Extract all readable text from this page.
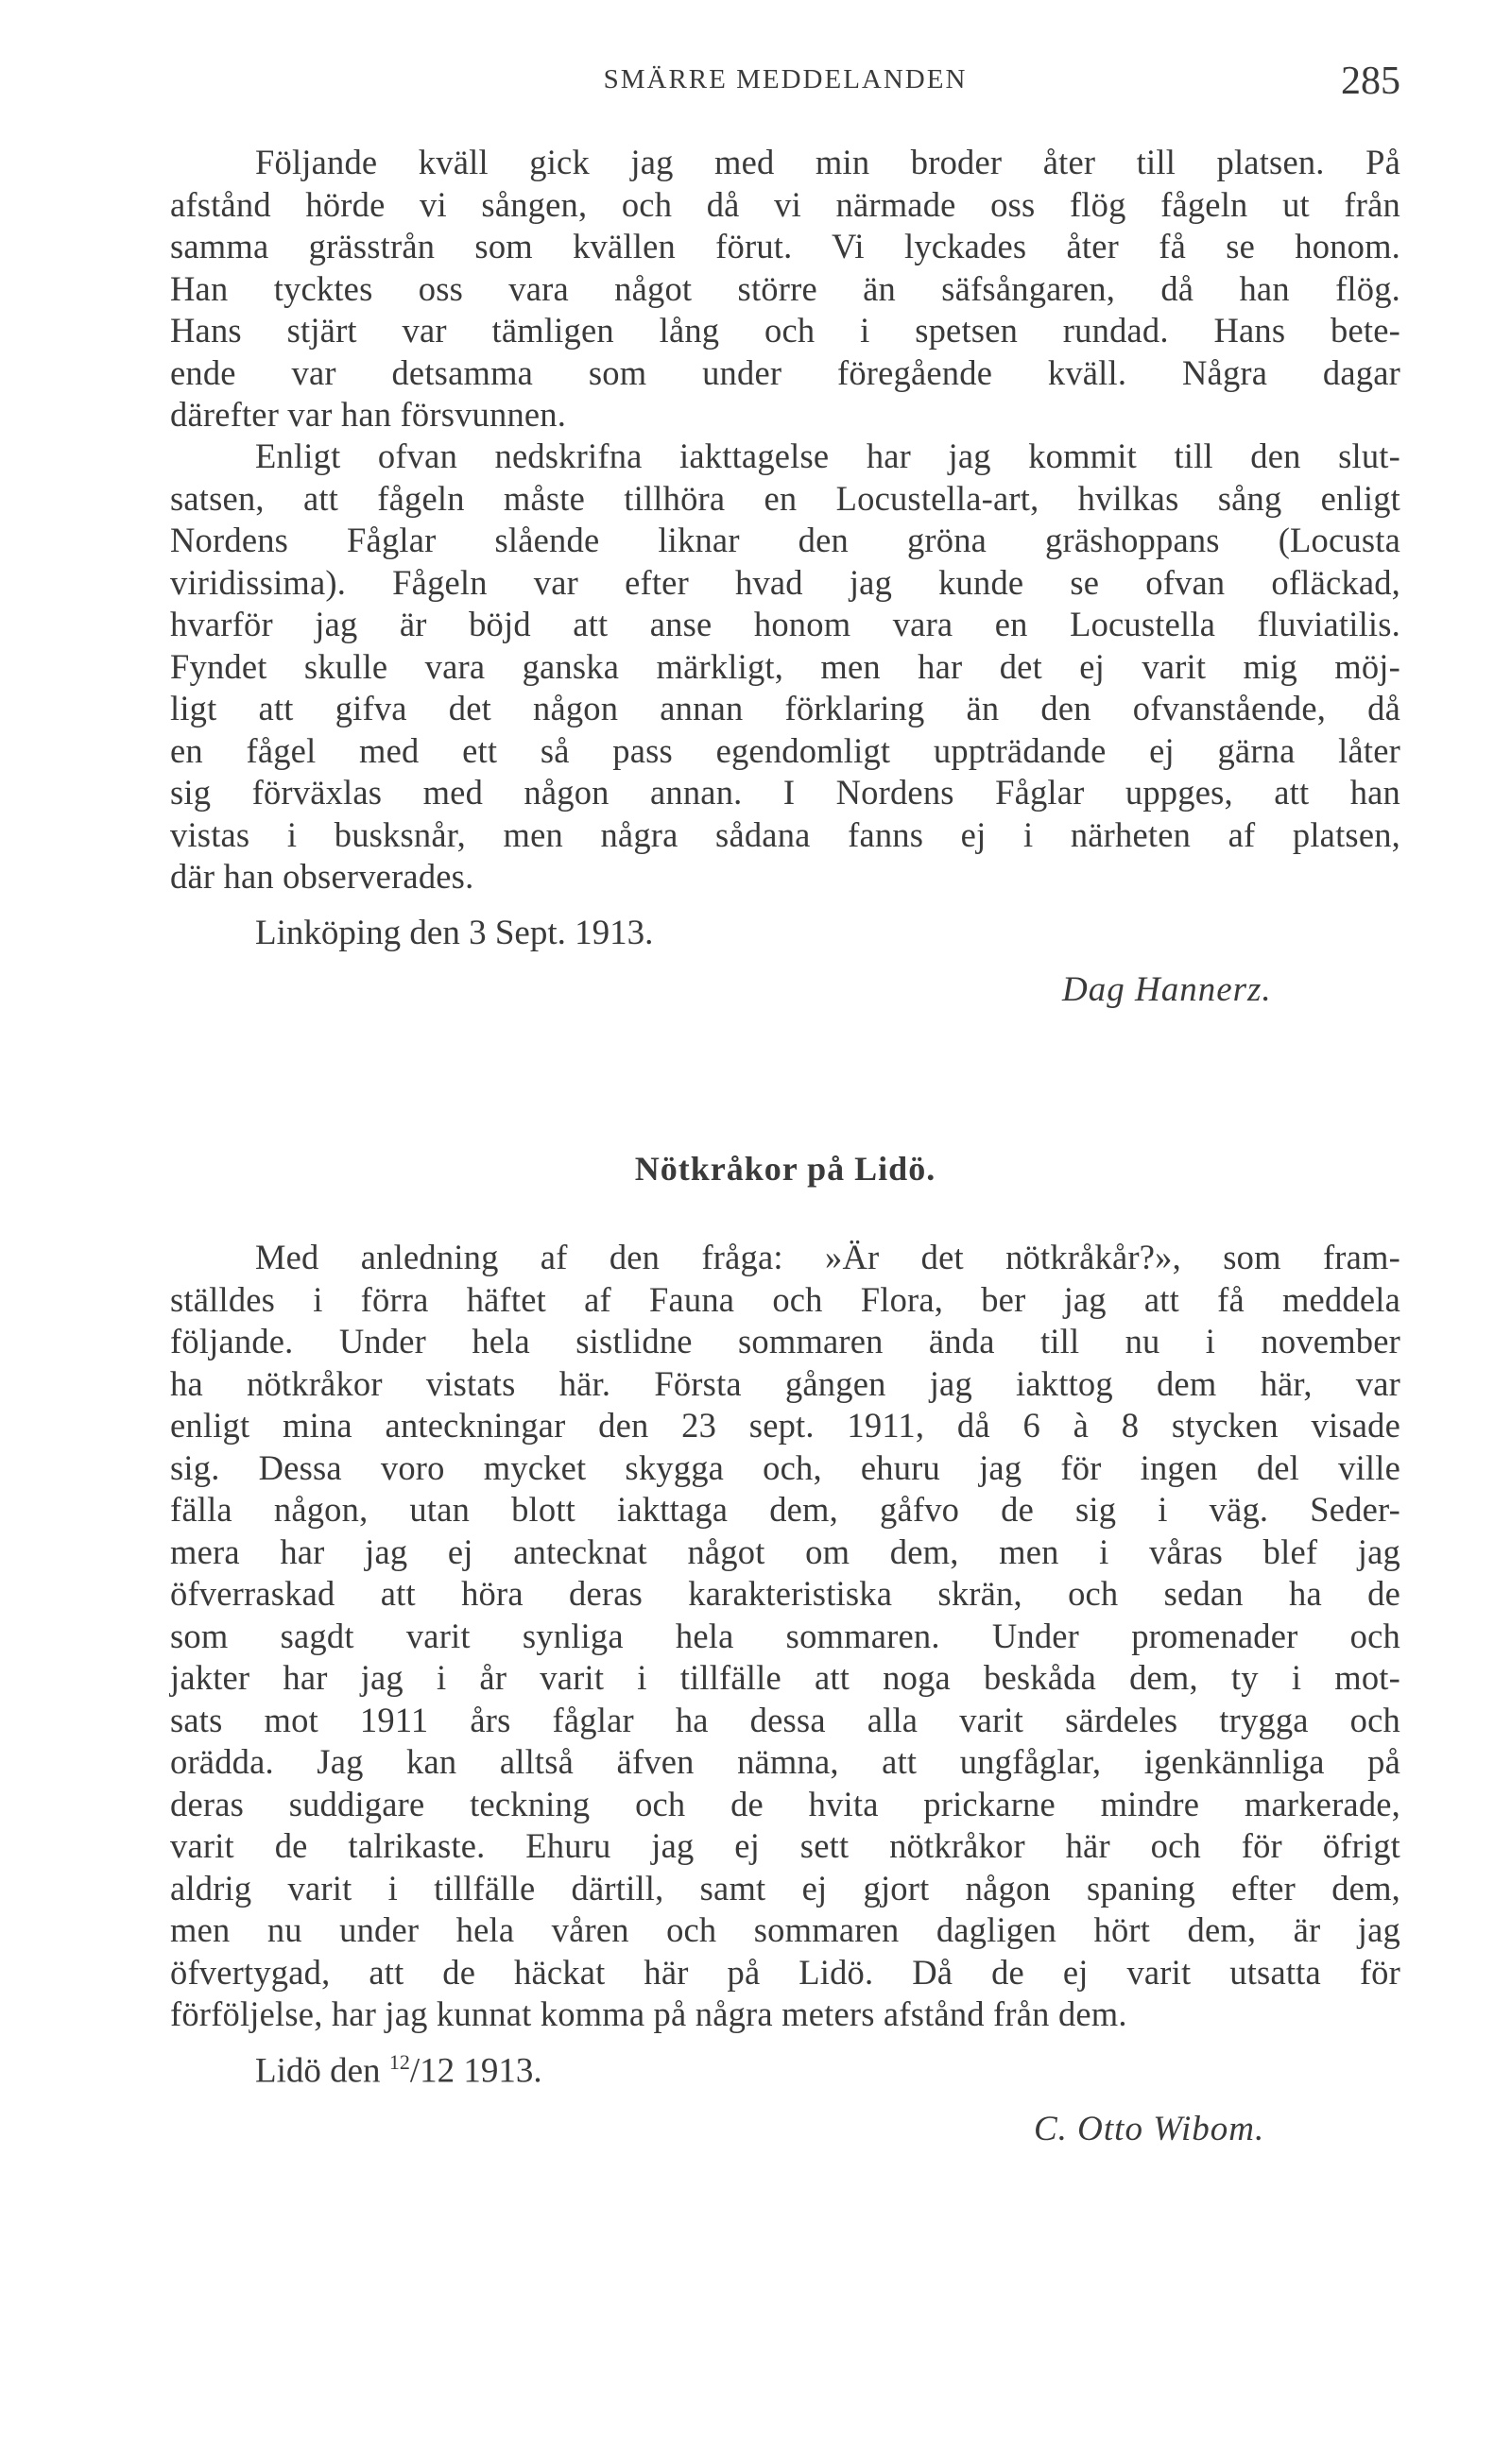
SMÄRRE MEDDELANDEN	285
Följande kväll gick jag med min broder åter till platsen. På
afstånd hörde vi sången, och då vi närmade oss flög fågeln ut från
samma grässtrån som kvällen förut. Vi lyckades åter få se honom.
Han tycktes oss vara något större än säfsångaren, då han flög.
Hans stjärt var tämligen lång och i spetsen rundad. Hans bete-
ende var detsamma som under föregående kväll. Några dagar
därefter var han försvunnen.
Enligt ofvan nedskrifna iakttagelse har jag kommit till den slut-
satsen, att fågeln måste tillhöra en Locustella-art, hvilkas sång enligt
Nordens Fåglar slående liknar den gröna gräshoppans (Locusta
viridissima). Fågeln var efter hvad jag kunde se ofvan ofläckad,
hvarför jag är böjd att anse honom vara en Locustella fluviatilis.
Fyndet skulle vara ganska märkligt, men har det ej varit mig möj-
ligt att gifva det någon annan förklaring än den ofvanstående, då
en fågel med ett så pass egendomligt uppträdande ej gärna låter
sig förväxlas med någon annan. I Nordens Fåglar uppges, att han
vistas i busksnår, men några sådana fanns ej i närheten af platsen,
där han observerades.
Linköping den 3 Sept. 1913.
Dag Hannerz.
Nötkråkor på Lidö.
Med anledning af den fråga: »Är det nötkråkår?», som fram-
ställdes i förra häftet af Fauna och Flora, ber jag att få meddela
följande. Under hela sistlidne sommaren ända till nu i november
ha nötkråkor vistats här. Första gången jag iakttog dem här, var
enligt mina anteckningar den 23 sept. 1911, då 6 à 8 stycken visade
sig. Dessa voro mycket skygga och, ehuru jag för ingen del ville
fälla någon, utan blott iakttaga dem, gåfvo de sig i väg. Seder-
mera har jag ej antecknat något om dem, men i våras blef jag
öfverraskad att höra deras karakteristiska skrän, och sedan ha de
som sagdt varit synliga hela sommaren. Under promenader och
jakter har jag i år varit i tillfälle att noga beskåda dem, ty i mot-
sats mot 1911 års fåglar ha dessa alla varit särdeles trygga och
orädda. Jag kan alltså äfven nämna, att ungfåglar, igenkännliga på
deras suddigare teckning och de hvita prickarne mindre markerade,
varit de talrikaste. Ehuru jag ej sett nötkråkor här och för öfrigt
aldrig varit i tillfälle därtill, samt ej gjort någon spaning efter dem,
men nu under hela våren och sommaren dagligen hört dem, är jag
öfvertygad, att de häckat här på Lidö. Då de ej varit utsatta för
förföljelse, har jag kunnat komma på några meters afstånd från dem.
Lidö den $^{12}$/12 1913.
C. Otto Wibom.
